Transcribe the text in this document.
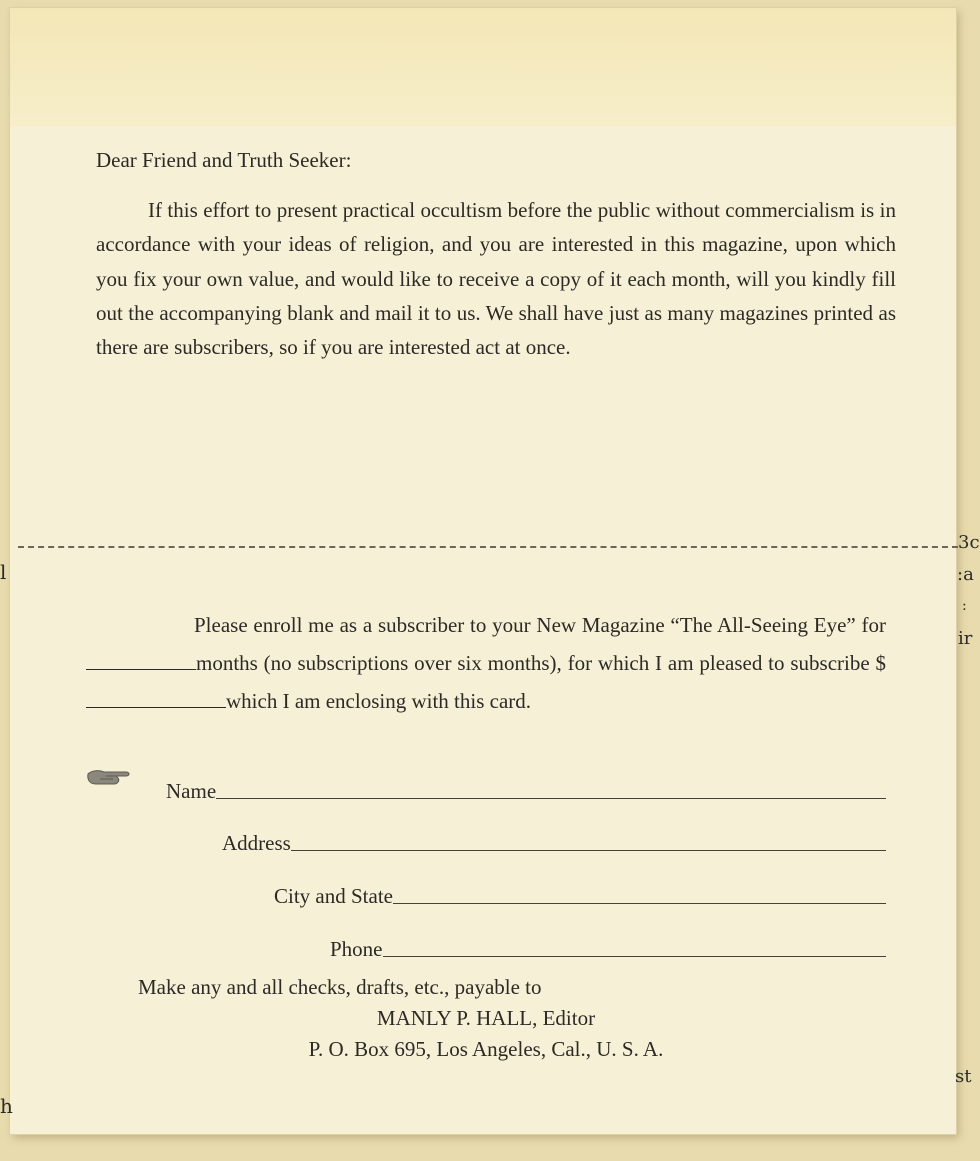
Dear Friend and Truth Seeker:

If this effort to present practical occultism before the public without commercialism is in accordance with your ideas of religion, and you are interested in this magazine, upon which you fix your own value, and would like to receive a copy of it each month, will you kindly fill out the accompanying blank and mail it to us. We shall have just as many magazines printed as there are subscribers, so if you are interested act at once.

Please enroll me as a subscriber to your New Magazine “The All-Seeing Eye” formonths (no subscriptions over six months), for which I am pleased to subscribe $which I am enclosing with this card.

Name
Address
City and State
Phone
Make any and all checks, drafts, etc., payable to
MANLY P. HALL, Editor
P. O. Box 695, Los Angeles, Cal., U. S. A.
3c
:a
:
ir
st
l
h
